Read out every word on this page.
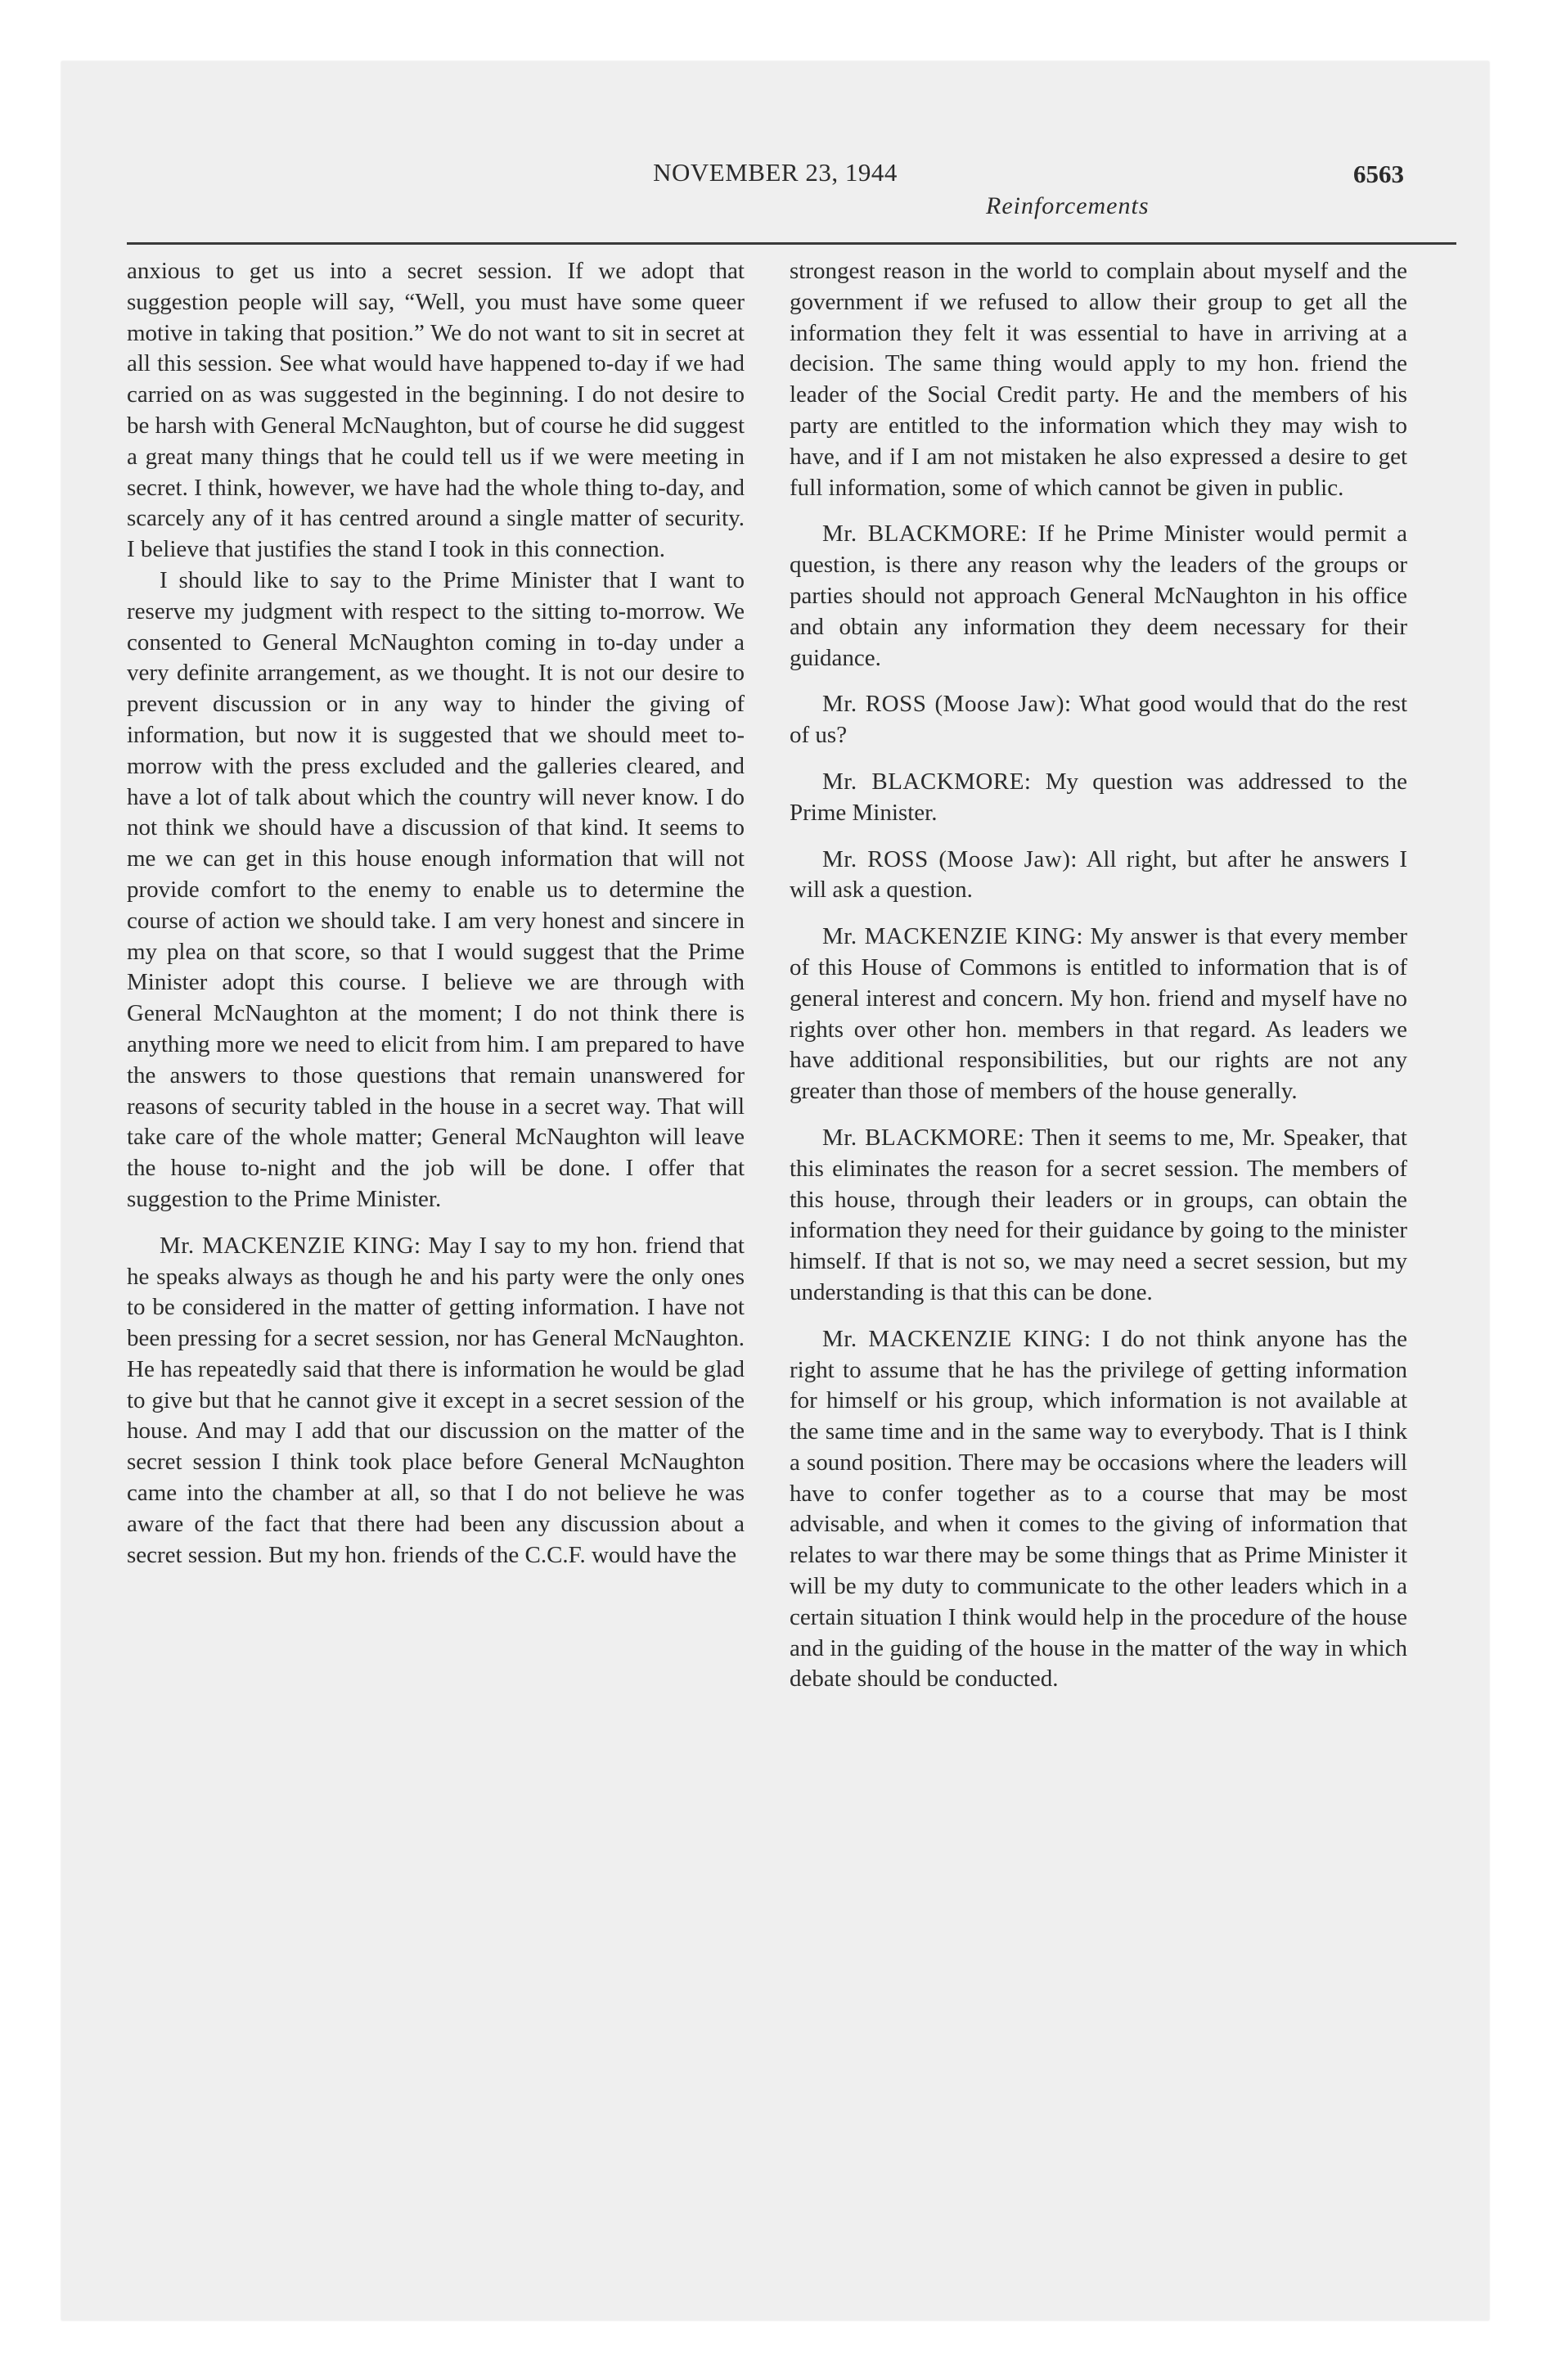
NOVEMBER 23, 1944	6563
Reinforcements

anxious to get us into a secret session. If we adopt that suggestion people will say, “Well, you must have some queer motive in taking that position.” We do not want to sit in secret at all this session. See what would have happened to-day if we had carried on as was suggested in the beginning. I do not desire to be harsh with General McNaughton, but of course he did suggest a great many things that he could tell us if we were meeting in secret. I think, however, we have had the whole thing to-day, and scarcely any of it has centred around a single matter of security. I believe that justifies the stand I took in this connection.

I should like to say to the Prime Minister that I want to reserve my judgment with respect to the sitting to-morrow. We consented to General McNaughton coming in to-day under a very definite arrangement, as we thought. It is not our desire to prevent discussion or in any way to hinder the giving of information, but now it is suggested that we should meet to-morrow with the press excluded and the galleries cleared, and have a lot of talk about which the country will never know. I do not think we should have a discussion of that kind. It seems to me we can get in this house enough information that will not provide comfort to the enemy to enable us to determine the course of action we should take. I am very honest and sincere in my plea on that score, so that I would suggest that the Prime Minister adopt this course. I believe we are through with General McNaughton at the moment; I do not think there is anything more we need to elicit from him. I am prepared to have the answers to those questions that remain unanswered for reasons of security tabled in the house in a secret way. That will take care of the whole matter; General McNaughton will leave the house to-night and the job will be done. I offer that suggestion to the Prime Minister.

Mr. MACKENZIE KING: May I say to my hon. friend that he speaks always as though he and his party were the only ones to be considered in the matter of getting information. I have not been pressing for a secret session, nor has General McNaughton. He has repeatedly said that there is information he would be glad to give but that he cannot give it except in a secret session of the house. And may I add that our discussion on the matter of the secret session I think took place before General McNaughton came into the chamber at all, so that I do not believe he was aware of the fact that there had been any discussion about a secret session. But my hon. friends of the C.C.F. would have the

strongest reason in the world to complain about myself and the government if we refused to allow their group to get all the information they felt it was essential to have in arriving at a decision. The same thing would apply to my hon. friend the leader of the Social Credit party. He and the members of his party are entitled to the information which they may wish to have, and if I am not mistaken he also expressed a desire to get full information, some of which cannot be given in public.

Mr. BLACKMORE: If he Prime Minister would permit a question, is there any reason why the leaders of the groups or parties should not approach General McNaughton in his office and obtain any information they deem necessary for their guidance.

Mr. ROSS (Moose Jaw): What good would that do the rest of us?

Mr. BLACKMORE: My question was addressed to the Prime Minister.

Mr. ROSS (Moose Jaw): All right, but after he answers I will ask a question.

Mr. MACKENZIE KING: My answer is that every member of this House of Commons is entitled to information that is of general interest and concern. My hon. friend and myself have no rights over other hon. members in that regard. As leaders we have additional responsibilities, but our rights are not any greater than those of members of the house generally.

Mr. BLACKMORE: Then it seems to me, Mr. Speaker, that this eliminates the reason for a secret session. The members of this house, through their leaders or in groups, can obtain the information they need for their guidance by going to the minister himself. If that is not so, we may need a secret session, but my understanding is that this can be done.

Mr. MACKENZIE KING: I do not think anyone has the right to assume that he has the privilege of getting information for himself or his group, which information is not available at the same time and in the same way to everybody. That is I think a sound position. There may be occasions where the leaders will have to confer together as to a course that may be most advisable, and when it comes to the giving of information that relates to war there may be some things that as Prime Minister it will be my duty to communicate to the other leaders which in a certain situation I think would help in the procedure of the house and in the guiding of the house in the matter of the way in which debate should be conducted.
